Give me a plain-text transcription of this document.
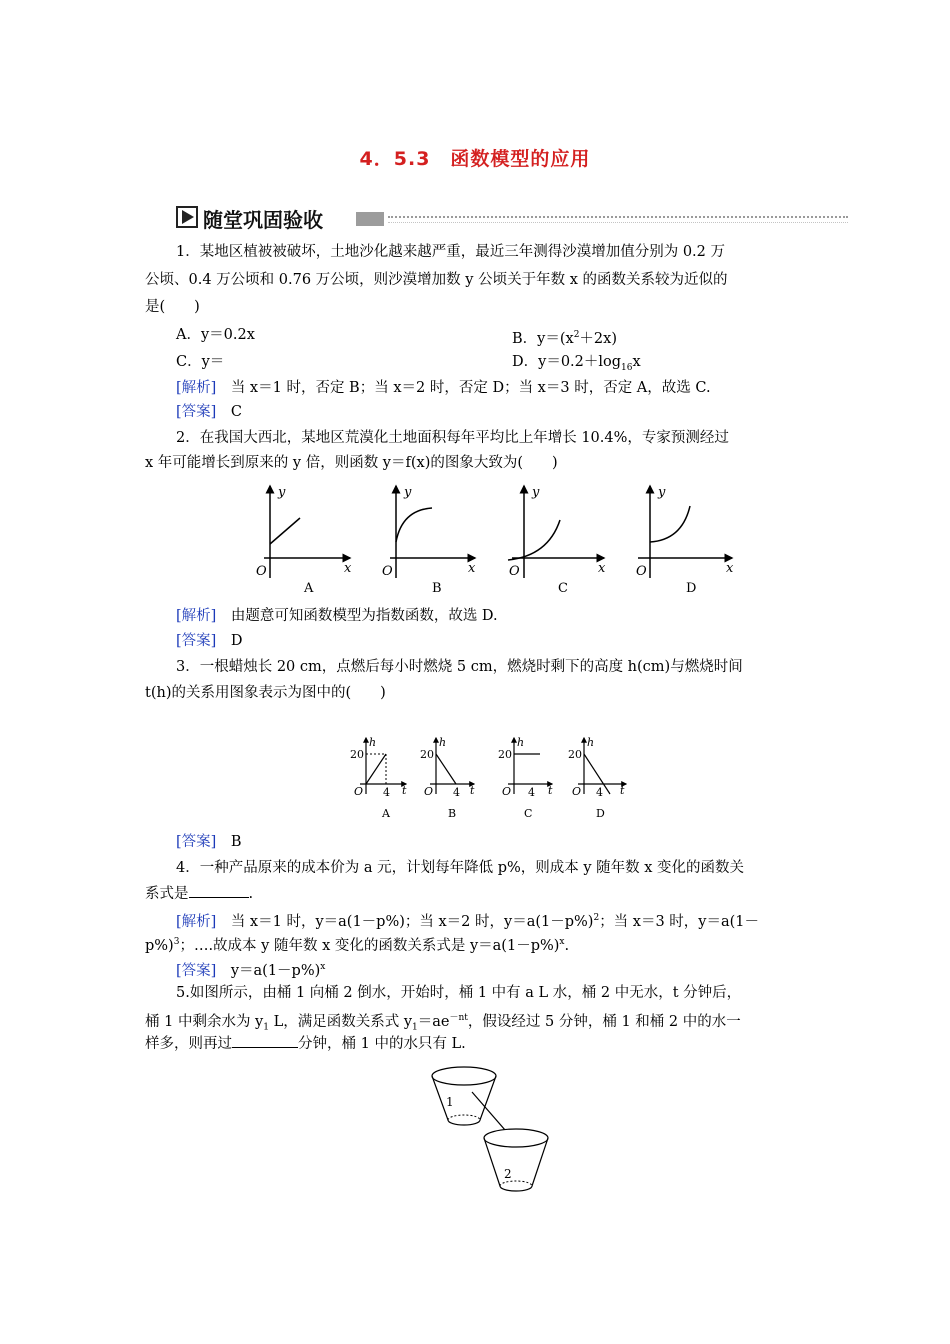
4．5.3　函数模型的应用
随堂巩固验收
1．某地区植被被破坏，土地沙化越来越严重，最近三年测得沙漠增加值分别为 0.2 万
公顷、0.4 万公顷和 0.76 万公顷，则沙漠增加数 y 公顷关于年数 x 的函数关系较为近似的
是(　　)
A．y＝0.2x	B．$y=(x^2+2x)$
C．y＝	D．$y=0.2+\log_{16}x$
[解析]　 当 x＝1 时，否定 B；当 x＝2 时，否定 D；当 x＝3 时，否定 A，故选 C.
[答案]　 C
2．在我国大西北，某地区荒漠化土地面积每年平均比上年增长 10.4%，专家预测经过
x 年可能增长到原来的 y 倍，则函数 y＝f(x)的图象大致为(　　)
y
x
O
A
y
x
O
B
y
x
O
C
y
x
O
D
[解析]　 由题意可知函数模型为指数函数，故选 D.
[答案]　 D
3．一根蜡烛长 20 cm，点燃后每小时燃烧 5 cm，燃烧时剩下的高度 h(cm)与燃烧时间
t(h)的关系用图象表示为图中的(　　)
20
h
O 4 t
A
20
h
O 4 t
B
20
h
O 4 t
C
20
h
O 4 t
D
[答案]　 B
4．一种产品原来的成本价为 a 元，计划每年降低 p%，则成本 y 随年数 x 变化的函数关
系式是	.
[解析]　 当 x＝1 时，y＝a(1－p%)；当 x＝2 时，$y=a(1-p\%)^2$；当 x＝3 时，y＝a(1－
p%)$^3$；….故成本 y 随年数 x 变化的函数关系式是 $y=a(1-p\%)^x$.
[答案]　 $y=a(1-p\%)^x$
5.如图所示，由桶 1 向桶 2 倒水，开始时，桶 1 中有 a L 水，桶 2 中无水，t 分钟后，
桶 1 中剩余水为 $y_1$ L，满足函数关系式 $y_1=ae^{-nt}$，假设经过 5 分钟，桶 1 和桶 2 中的水一
样多，则再过	分钟，桶 1 中的水只有 L.
1
2
